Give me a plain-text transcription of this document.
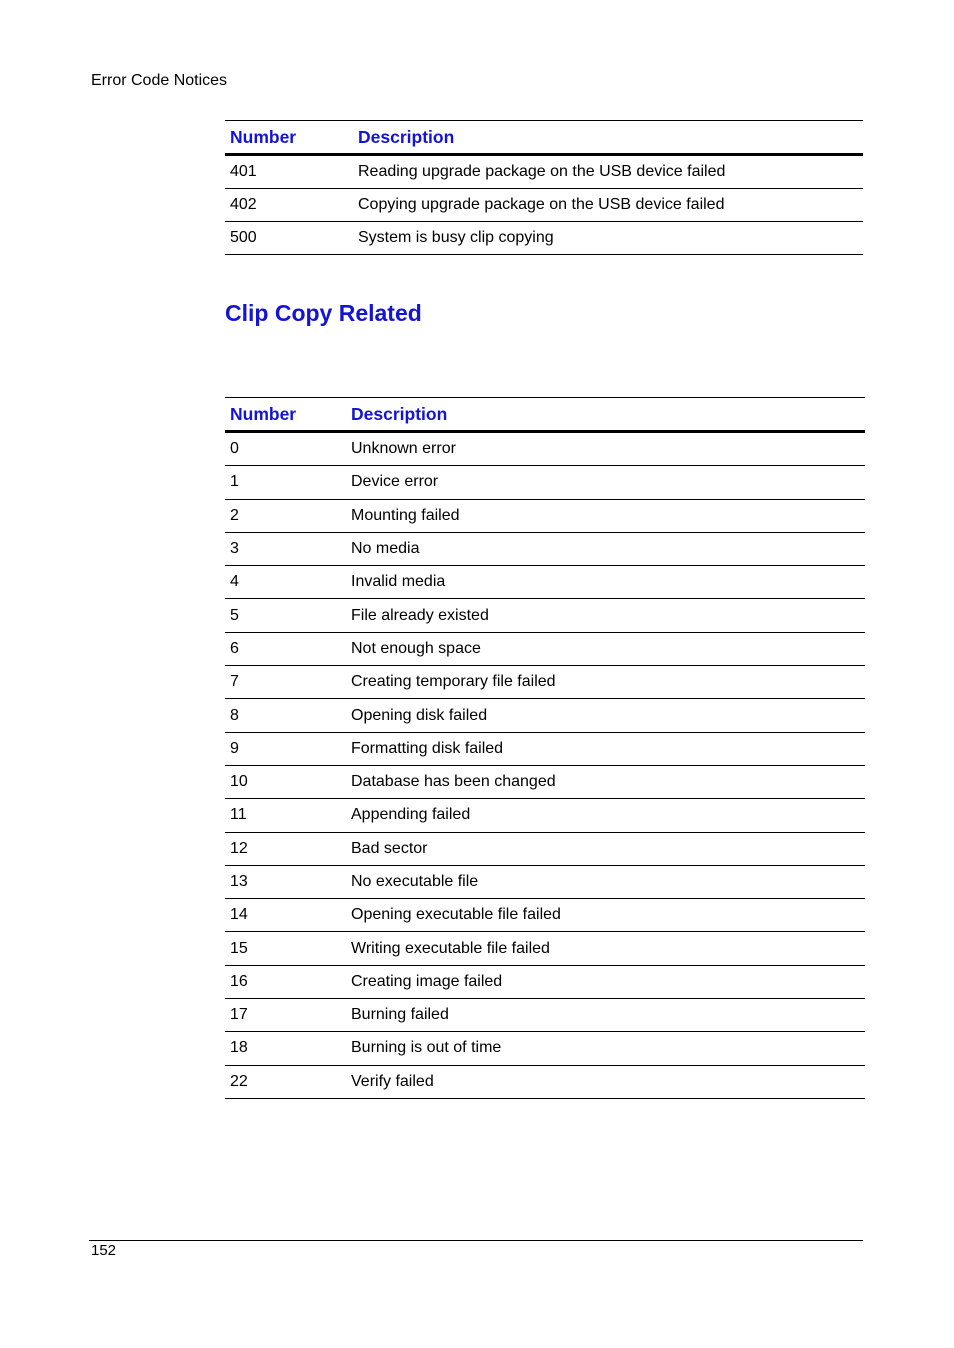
Error Code Notices
Number	Description
401	Reading upgrade package on the USB device failed
402	Copying upgrade package on the USB device failed
500	System is busy clip copying
Clip Copy Related
Number	Description
0	Unknown error
1	Device error
2	Mounting failed
3	No media
4	Invalid media
5	File already existed
6	Not enough space
7	Creating temporary file failed
8	Opening disk failed
9	Formatting disk failed
10	Database has been changed
11	Appending failed
12	Bad sector
13	No executable file
14	Opening executable file failed
15	Writing executable file failed
16	Creating image failed
17	Burning failed
18	Burning is out of time
22	Verify failed
152
